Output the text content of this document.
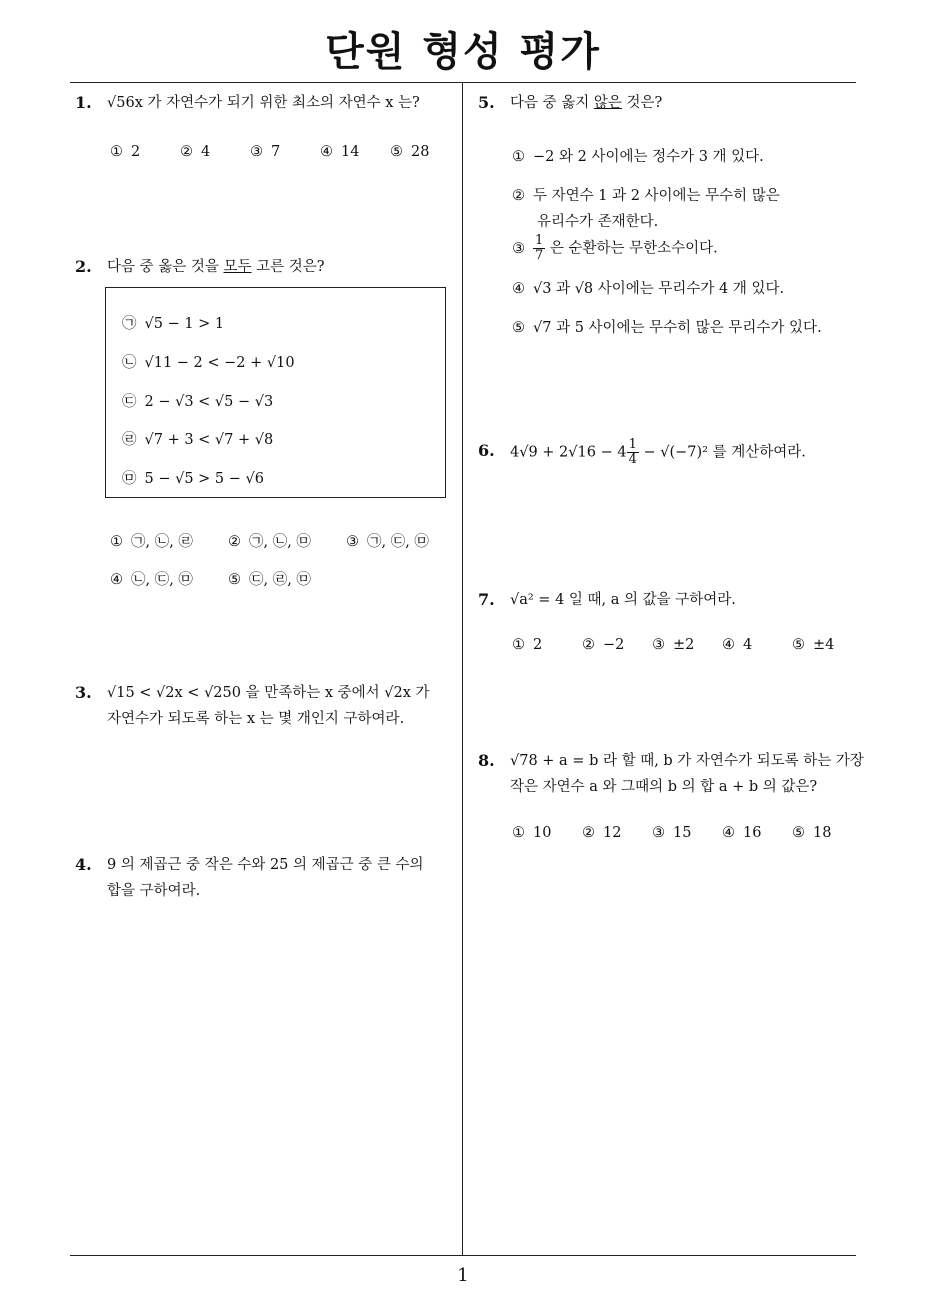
단원 형성 평가
1
1. √56x 가 자연수가 되기 위한 최소의 자연수 x 는?
① 2	② 4	③ 7	④ 14	⑤ 28
2. 다음 중 옳은 것을 모두 고른 것은?
㉠ √5 − 1 > 1
㉡ √11 − 2 < −2 + √10
㉢ 2 − √3 < √5 − √3
㉣ √7 + 3 < √7 + √8
㉤ 5 − √5 > 5 − √6
① ㉠, ㉡, ㉣	② ㉠, ㉡, ㉤	③ ㉠, ㉢, ㉤
④ ㉡, ㉢, ㉤	⑤ ㉢, ㉣, ㉤
3. √15 < √2x < √250 을 만족하는 x 중에서 √2x 가
자연수가 되도록 하는 x 는 몇 개인지 구하여라.
4. 9 의 제곱근 중 작은 수와 25 의 제곱근 중 큰 수의
합을 구하여라.
5. 다음 중 옳지 않은 것은?
① −2 와 2 사이에는 정수가 3 개 있다.
② 두 자연수 1 과 2 사이에는 무수히 많은
유리수가 존재한다.
③ $\frac{1}{7}$ 은 순환하는 무한소수이다.
④ √3 과 √8 사이에는 무리수가 4 개 있다.
⑤ √7 과 5 사이에는 무수히 많은 무리수가 있다.
6. $4√9 + 2√16 - 4 \frac{1}{4} - √(-7)^2$ 를 계산하여라.
7. √a² = 4 일 때, a 의 값을 구하여라.
① 2	② −2	③ ±2	④ 4	⑤ ±4
8. √78 + a = b 라 할 때, b 가 자연수가 되도록 하는 가장
작은 자연수 a 와 그때의 b 의 합 a + b 의 값은?
① 10	② 12	③ 15	④ 16	⑤ 18
